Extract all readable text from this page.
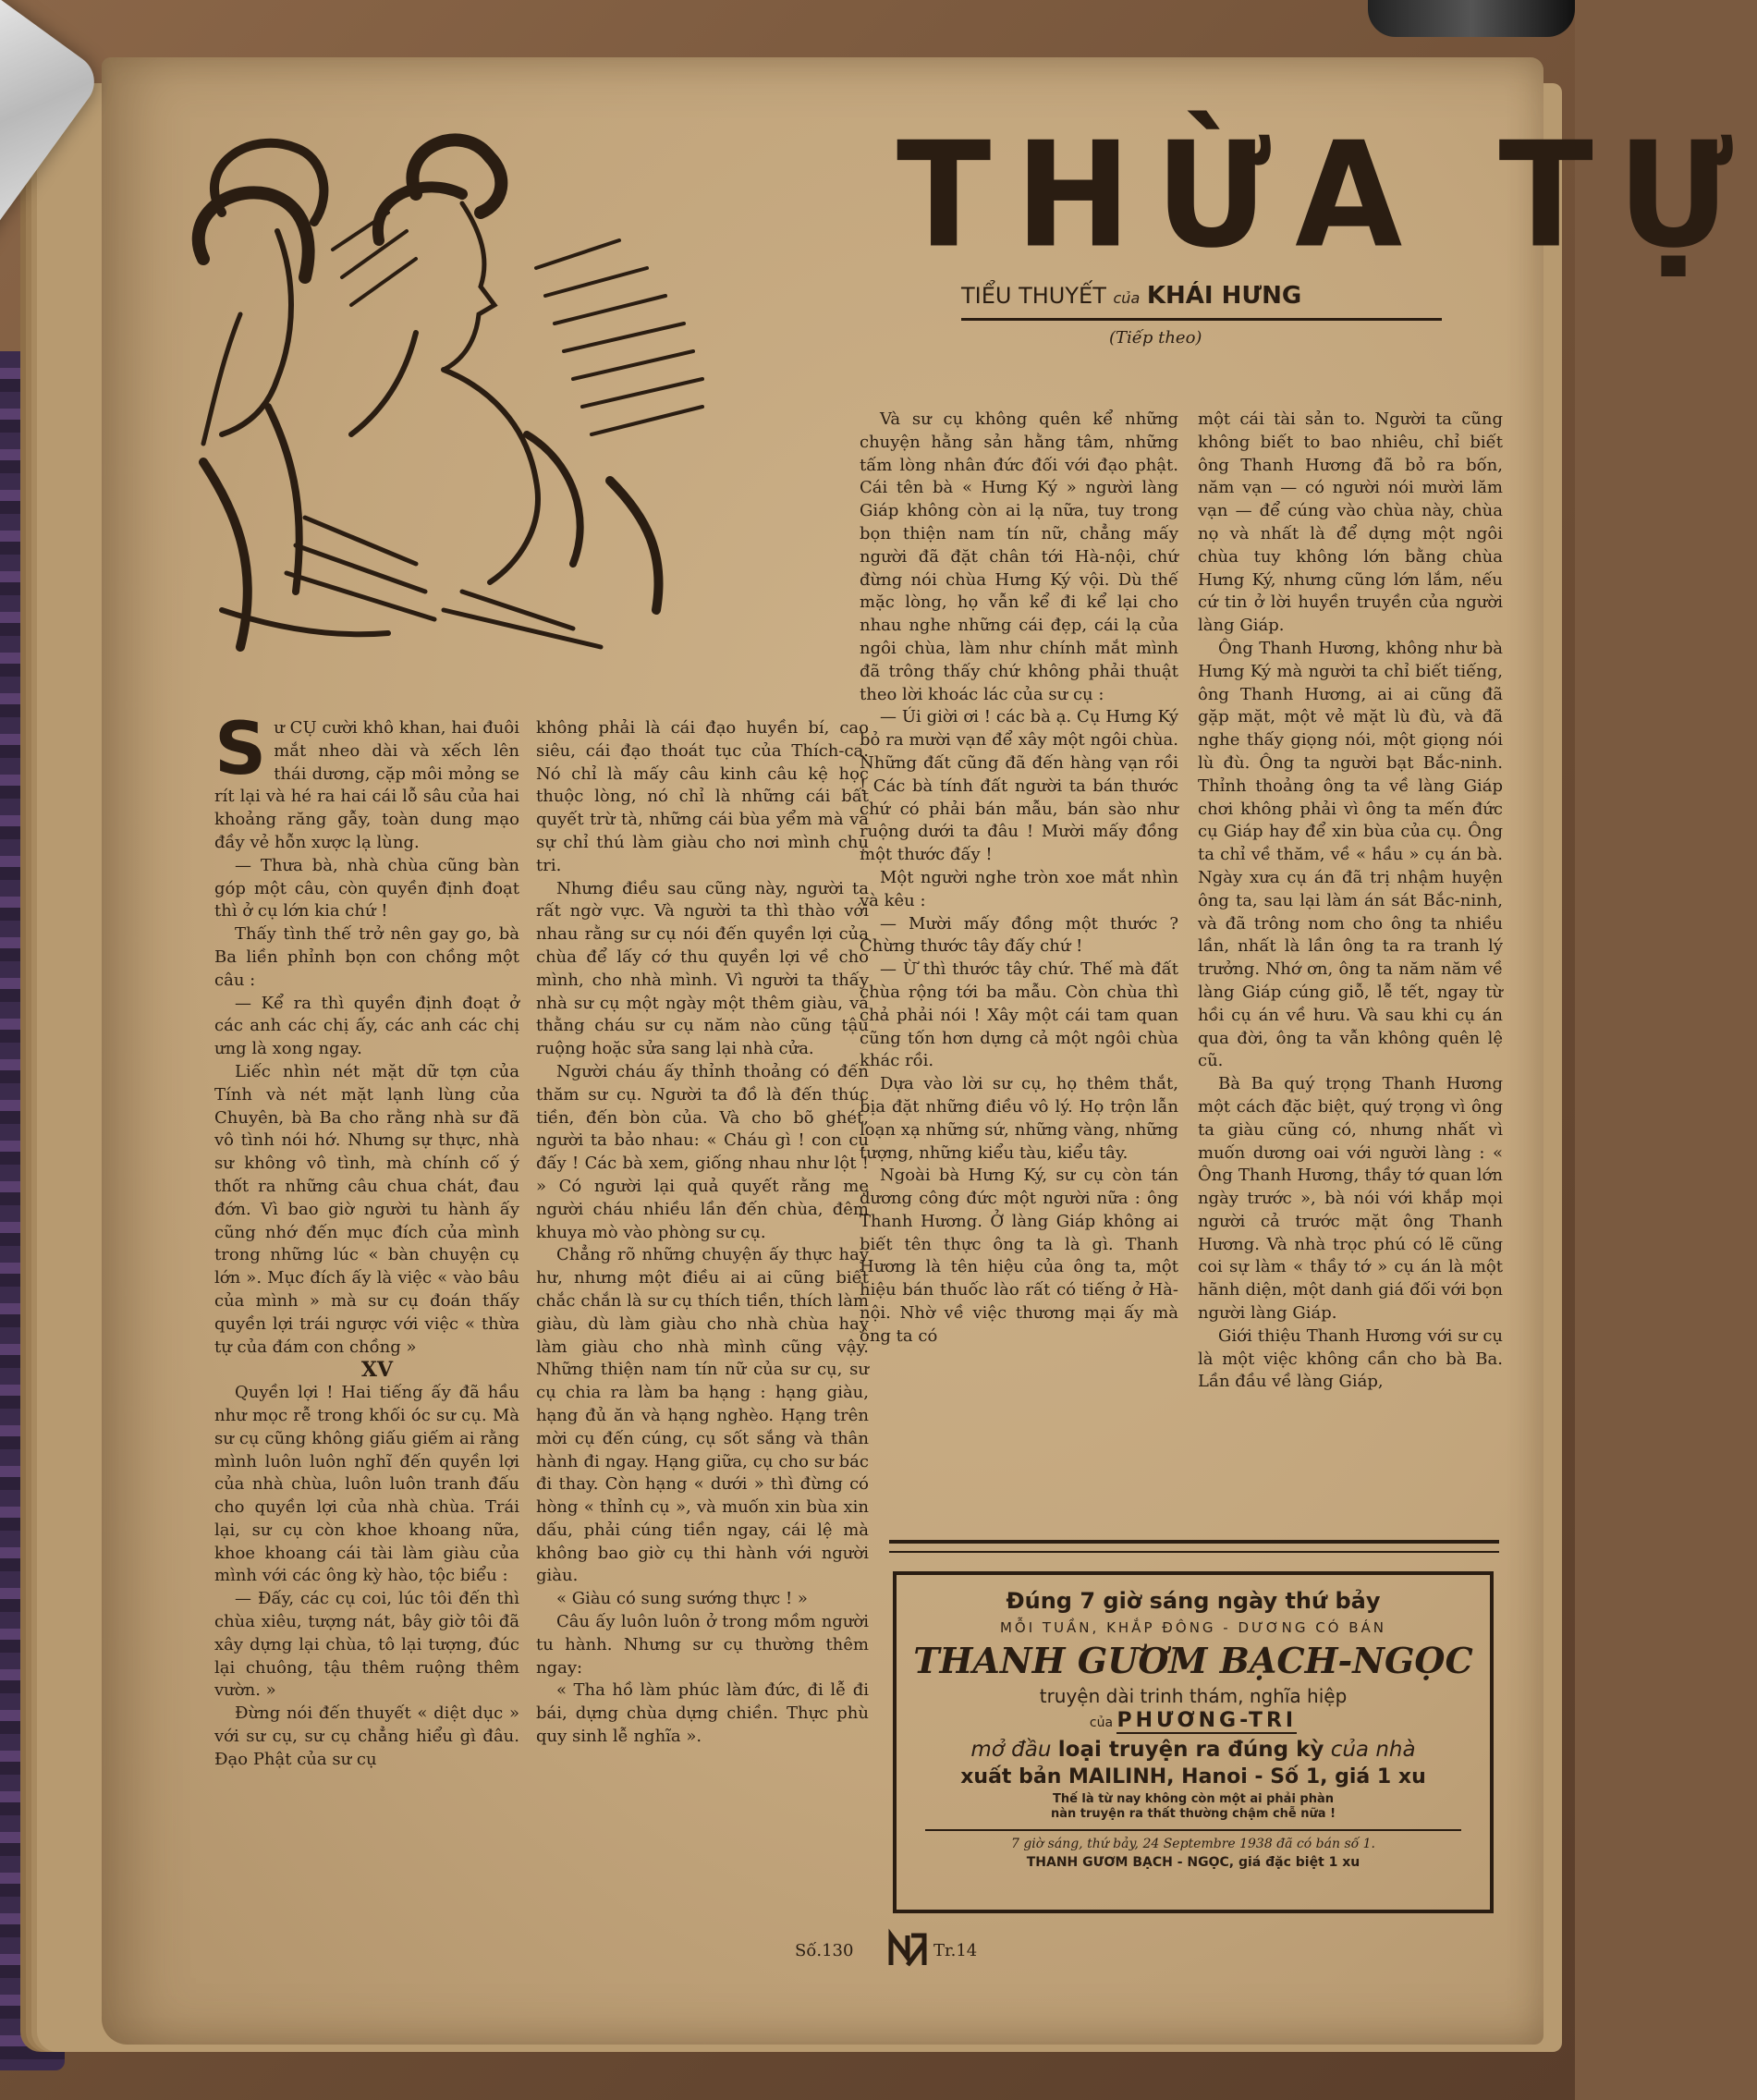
THỪA TỰ
TIỂU THUYẾT của KHÁI HƯNG
(Tiếp theo)

Sư CỤ cười khô khan, hai đuôi mắt nheo dài và xếch lên thái dương, cặp môi mỏng se rít lại và hé ra hai cái lỗ sâu của hai khoảng răng gẫy, toàn dung mạo đầy vẻ hỗn xược lạ lùng.

— Thưa bà, nhà chùa cũng bàn góp một câu, còn quyền định đoạt thì ở cụ lớn kia chứ !

Thấy tình thế trở nên gay go, bà Ba liền phỉnh bọn con chồng một câu :

— Kể ra thì quyền định đoạt ở các anh các chị ấy, các anh các chị ưng là xong ngay.

Liếc nhìn nét mặt dữ tợn của Tính và nét mặt lạnh lùng của Chuyên, bà Ba cho rằng nhà sư đã vô tình nói hớ. Nhưng sự thực, nhà sư không vô tình, mà chính cố ý thốt ra những câu chua chát, đau đớn. Vì bao giờ người tu hành ấy cũng nhớ đến mục đích của mình trong những lúc « bàn chuyện cụ lớn ». Mục đích ấy là việc « vào bâu của mình » mà sư cụ đoán thấy quyền lợi trái ngược với việc « thừa tự của đám con chồng »

XV

Quyền lợi ! Hai tiếng ấy đã hầu như mọc rễ trong khối óc sư cụ. Mà sư cụ cũng không giấu giếm ai rằng mình luôn luôn nghĩ đến quyền lợi của nhà chùa, luôn luôn tranh đấu cho quyền lợi của nhà chùa. Trái lại, sư cụ còn khoe khoang nữa, khoe khoang cái tài làm giàu của mình với các ông kỳ hào, tộc biểu :

— Đấy, các cụ coi, lúc tôi đến thì chùa xiêu, tượng nát, bây giờ tôi đã xây dựng lại chùa, tô lại tượng, đúc lại chuông, tậu thêm ruộng thêm vườn. »

Đừng nói đến thuyết « diệt dục » với sư cụ, sư cụ chẳng hiểu gì đâu. Đạo Phật của sư cụ

không phải là cái đạo huyền bí, cao siêu, cái đạo thoát tục của Thích-ca. Nó chỉ là mấy câu kinh câu kệ học thuộc lòng, nó chỉ là những cái bất quyết trừ tà, những cái bùa yểm mà và sự chỉ thú làm giàu cho nơi mình chụ tri.

Nhưng điều sau cũng này, người ta rất ngờ vực. Và người ta thì thào với nhau rằng sư cụ nói đến quyền lợi của chùa để lấy cớ thu quyền lợi về cho mình, cho nhà mình. Vì người ta thấy nhà sư cụ một ngày một thêm giàu, và thằng cháu sư cụ năm nào cũng tậu ruộng hoặc sửa sang lại nhà cửa.

Người cháu ấy thỉnh thoảng có đến thăm sư cụ. Người ta đồ là đến thúc tiền, đến bòn của. Và cho bõ ghét, người ta bảo nhau: « Cháu gì ! con cụ đấy ! Các bà xem, giống nhau như lột ! » Có người lại quả quyết rằng mẹ người cháu nhiều lần đến chùa, đêm khuya mò vào phòng sư cụ.

Chẳng rõ những chuyện ấy thực hay hư, nhưng một điều ai ai cũng biết chắc chắn là sư cụ thích tiền, thích làm giàu, dù làm giàu cho nhà chùa hay làm giàu cho nhà mình cũng vậy. Những thiện nam tín nữ của sư cụ, sư cụ chia ra làm ba hạng : hạng giàu, hạng đủ ăn và hạng nghèo. Hạng trên mời cụ đến cúng, cụ sốt sắng và thân hành đi ngay. Hạng giữa, cụ cho sư bác đi thay. Còn hạng « dưới » thì đừng có hòng « thỉnh cụ », và muốn xin bùa xin dấu, phải cúng tiền ngay, cái lệ mà không bao giờ cụ thi hành với người giàu.

« Giàu có sung sướng thực ! »

Câu ấy luôn luôn ở trong mồm người tu hành. Nhưng sư cụ thường thêm ngay:

« Tha hồ làm phúc làm đức, đi lễ đi bái, dựng chùa dựng chiền. Thực phù quy sinh lễ nghĩa ».

Và sư cụ không quên kể những chuyện hằng sản hằng tâm, những tấm lòng nhân đức đối với đạo phật. Cái tên bà « Hưng Ký » người làng Giáp không còn ai lạ nữa, tuy trong bọn thiện nam tín nữ, chẳng mấy người đã đặt chân tới Hà-nội, chứ đừng nói chùa Hưng Ký vội. Dù thế mặc lòng, họ vẫn kể đi kể lại cho nhau nghe những cái đẹp, cái lạ của ngôi chùa, làm như chính mắt mình đã trông thấy chứ không phải thuật theo lời khoác lác của sư cụ :

— Úi giời ơi ! các bà ạ. Cụ Hưng Ký bỏ ra mười vạn để xây một ngôi chùa. Những đất cũng đã đến hàng vạn rồi ! Các bà tính đất người ta bán thước chứ có phải bán mẫu, bán sào như ruộng dưới ta đâu ! Mười mấy đồng một thước đấy !

Một người nghe tròn xoe mắt nhìn và kêu :

— Mười mấy đồng một thước ? Chừng thước tây đấy chứ !

— Ừ thì thước tây chứ. Thế mà đất chùa rộng tới ba mẫu. Còn chùa thì chả phải nói ! Xây một cái tam quan cũng tốn hơn dựng cả một ngôi chùa khác rồi.

Dựa vào lời sư cụ, họ thêm thắt, bịa đặt những điều vô lý. Họ trộn lẫn loạn xạ những sứ, những vàng, những tượng, những kiểu tàu, kiểu tây.

Ngoài bà Hưng Ký, sư cụ còn tán dương công đức một người nữa : ông Thanh Hương. Ở làng Giáp không ai biết tên thực ông ta là gì. Thanh Hương là tên hiệu của ông ta, một hiệu bán thuốc lào rất có tiếng ở Hà-nội. Nhờ về việc thương mại ấy mà ông ta có

một cái tài sản to. Người ta cũng không biết to bao nhiêu, chỉ biết ông Thanh Hương đã bỏ ra bốn, năm vạn — có người nói mười lăm vạn — để cúng vào chùa này, chùa nọ và nhất là để dựng một ngôi chùa tuy không lớn bằng chùa Hưng Ký, nhưng cũng lớn lắm, nếu cứ tin ở lời huyền truyền của người làng Giáp.

Ông Thanh Hương, không như bà Hưng Ký mà người ta chỉ biết tiếng, ông Thanh Hương, ai ai cũng đã gặp mặt, một vẻ mặt lù đù, và đã nghe thấy giọng nói, một giọng nói lù đù. Ông ta người bạt Bắc-ninh. Thỉnh thoảng ông ta về làng Giáp chơi không phải vì ông ta mến đức cụ Giáp hay để xin bùa của cụ. Ông ta chỉ về thăm, về « hầu » cụ án bà. Ngày xưa cụ án đã trị nhậm huyện ông ta, sau lại làm án sát Bắc-ninh, và đã trông nom cho ông ta nhiều lần, nhất là lần ông ta ra tranh lý trưởng. Nhớ ơn, ông ta năm năm về làng Giáp cúng giỗ, lễ tết, ngay từ hồi cụ án về hưu. Và sau khi cụ án qua đời, ông ta vẫn không quên lệ cũ.

Bà Ba quý trọng Thanh Hương một cách đặc biệt, quý trọng vì ông ta giàu cũng có, nhưng nhất vì muốn dương oai với người làng : « Ông Thanh Hương, thầy tớ quan lớn ngày trước », bà nói với khắp mọi người cả trước mặt ông Thanh Hương. Và nhà trọc phú có lẽ cũng coi sự làm « thầy tớ » cụ án là một hãnh diện, một danh giá đối với bọn người làng Giáp.

Giới thiệu Thanh Hương với sư cụ là một việc không cần cho bà Ba. Lần đầu về làng Giáp,

Đúng 7 giờ sáng ngày thứ bảy
MỖI TUẦN, KHẮP ĐÔNG - DƯƠNG CÓ BÁN
THANH GƯƠM BẠCH-NGỌC
truyện dài trinh thám, nghĩa hiệp
của PHƯƠNG-TRI
mở đầu loại truyện ra đúng kỳ của nhà
xuất bản MAILINH, Hanoi - Số 1, giá 1 xu
Thế là từ nay không còn một ai phải phàn
nàn truyện ra thất thường chậm chễ nữa !
7 giờ sáng, thứ bảy, 24 Septembre 1938 đã có bán số 1.
THANH GƯƠM BẠCH - NGỌC, giá đặc biệt 1 xu
Số.130	Tr.14
